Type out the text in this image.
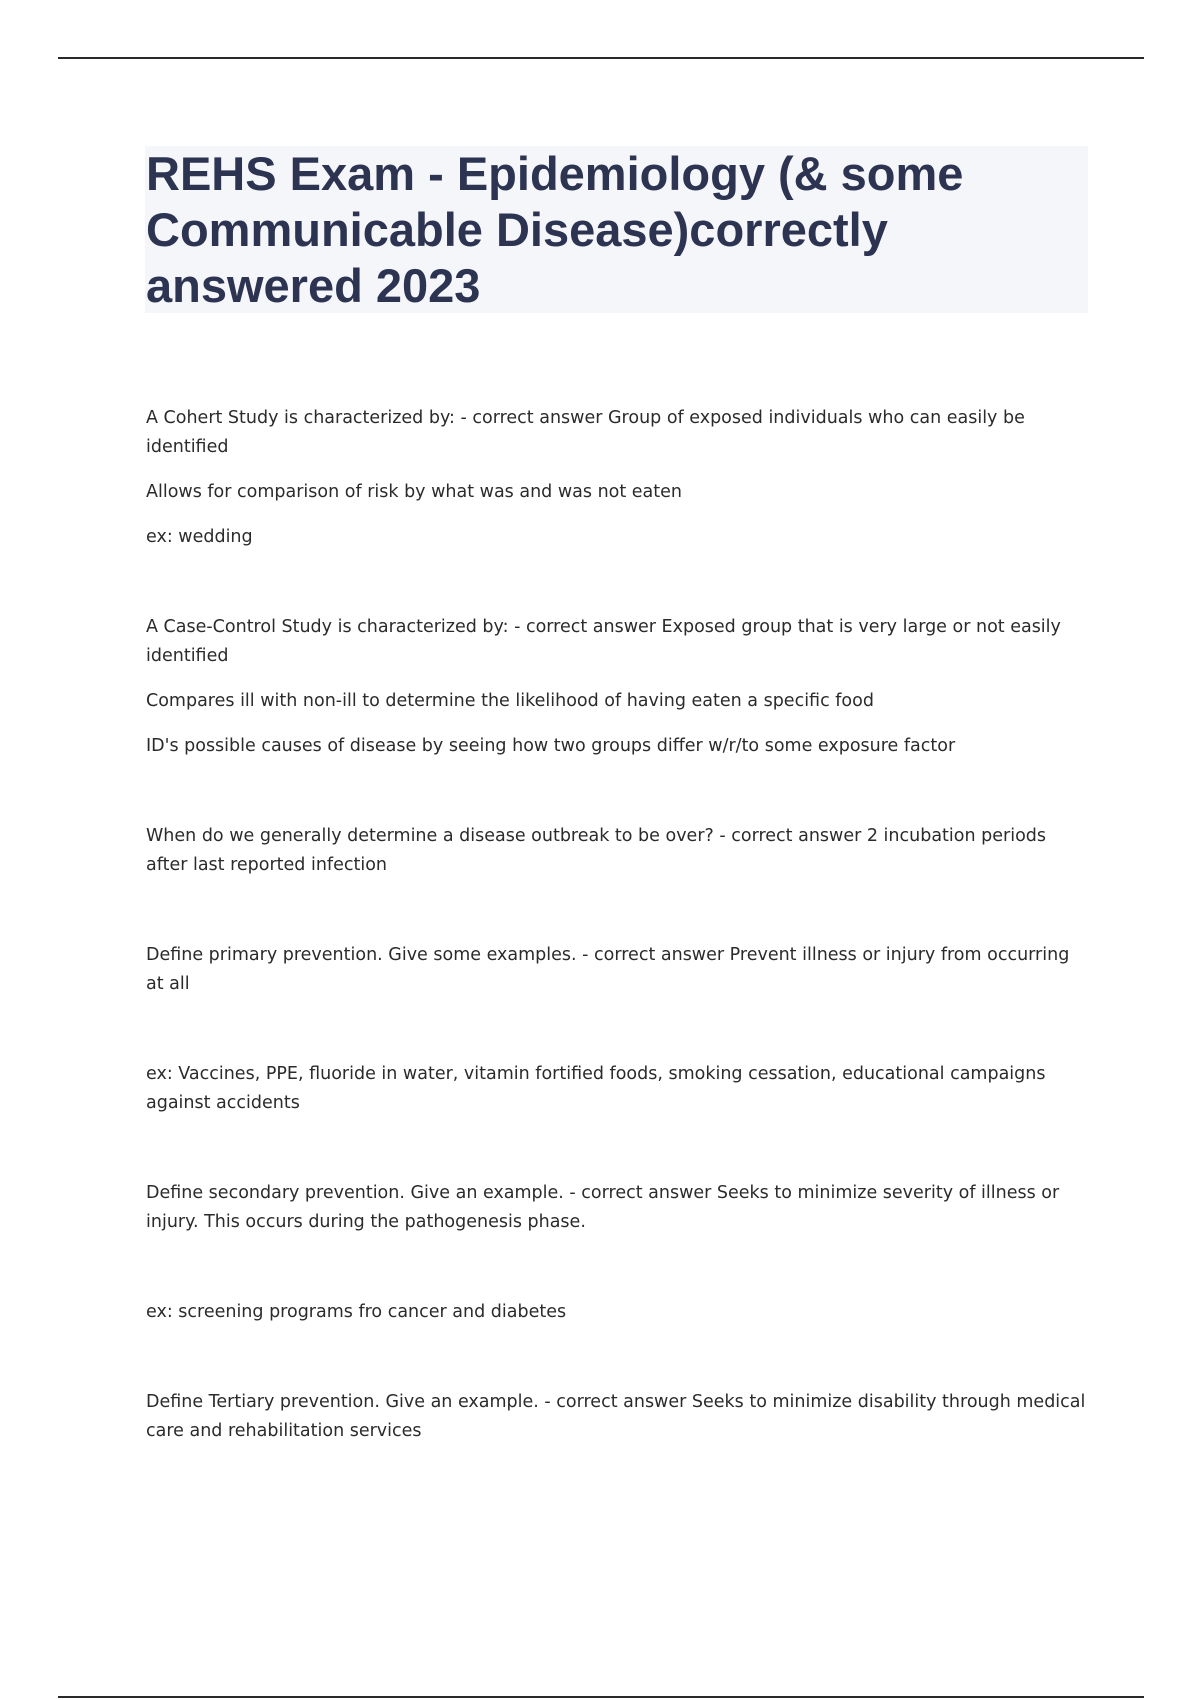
REHS Exam - Epidemiology (& some Communicable Disease)correctly answered 2023

A Cohert Study is characterized by: - correct answer Group of exposed individuals who can easily be identified

Allows for comparison of risk by what was and was not eaten

ex: wedding

A Case-Control Study is characterized by: - correct answer Exposed group that is very large or not easily identified

Compares ill with non-ill to determine the likelihood of having eaten a specific food

ID's possible causes of disease by seeing how two groups differ w/r/to some exposure factor

When do we generally determine a disease outbreak to be over? - correct answer 2 incubation periods after last reported infection

Define primary prevention. Give some examples. - correct answer Prevent illness or injury from occurring at all

ex: Vaccines, PPE, fluoride in water, vitamin fortified foods, smoking cessation, educational campaigns against accidents

Define secondary prevention. Give an example. - correct answer Seeks to minimize severity of illness or injury. This occurs during the pathogenesis phase.

ex: screening programs fro cancer and diabetes

Define Tertiary prevention. Give an example. - correct answer Seeks to minimize disability through medical care and rehabilitation services
